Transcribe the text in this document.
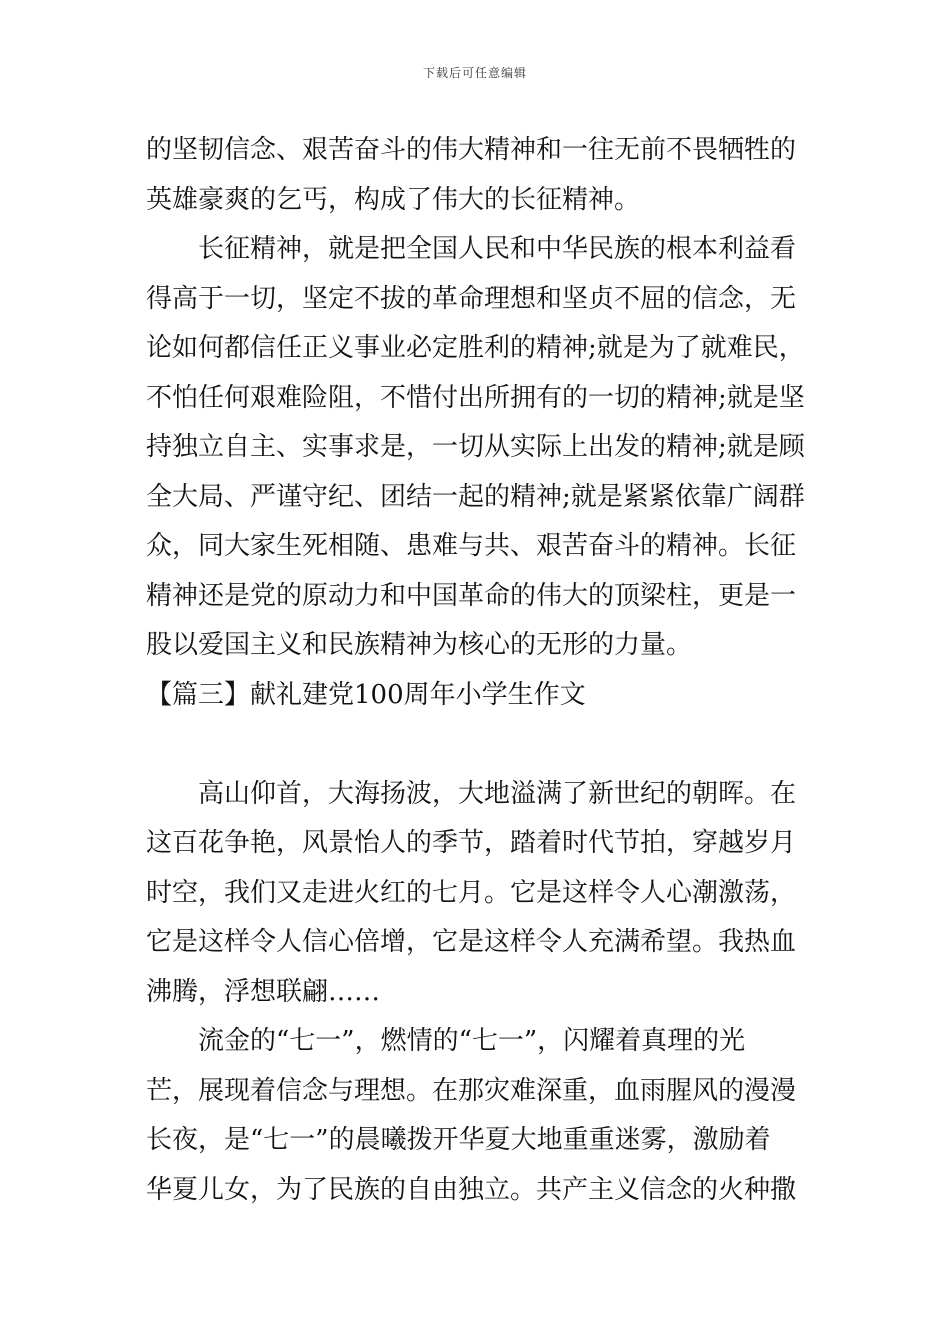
下载后可任意编辑
的坚韧信念、艰苦奋斗的伟大精神和一往无前不畏牺牲的
英雄豪爽的乞丐，构成了伟大的长征精神。
长征精神，就是把全国人民和中华民族的根本利益看
得高于一切，坚定不拔的革命理想和坚贞不屈的信念，无
论如何都信任正义事业必定胜利的精神;就是为了就难民，
不怕任何艰难险阻，不惜付出所拥有的一切的精神;就是坚
持独立自主、实事求是，一切从实际上出发的精神;就是顾
全大局、严谨守纪、团结一起的精神;就是紧紧依靠广阔群
众，同大家生死相随、患难与共、艰苦奋斗的精神。长征
精神还是党的原动力和中国革命的伟大的顶梁柱，更是一
股以爱国主义和民族精神为核心的无形的力量。
【篇三】献礼建党100周年小学生作文
高山仰首，大海扬波，大地溢满了新世纪的朝晖。在
这百花争艳，风景怡人的季节，踏着时代节拍，穿越岁月
时空，我们又走进火红的七月。它是这样令人心潮激荡，
它是这样令人信心倍增，它是这样令人充满希望。我热血
沸腾，浮想联翩……
流金的“七一”，燃情的“七一”，闪耀着真理的光
芒，展现着信念与理想。在那灾难深重，血雨腥风的漫漫
长夜，是“七一”的晨曦拨开华夏大地重重迷雾，激励着
华夏儿女，为了民族的自由独立。共产主义信念的火种撒
